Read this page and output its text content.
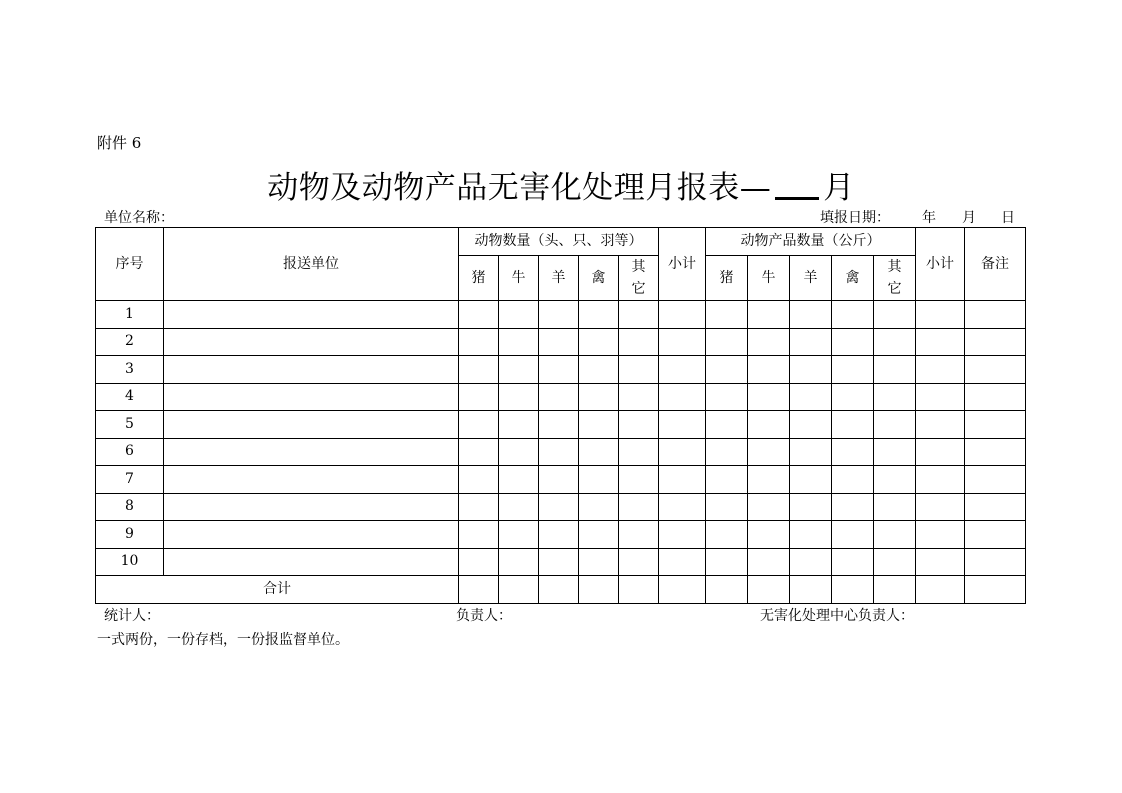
附件 6
动物及动物产品无害化处理月报表— 月
单位名称：	填报日期： 年 月 日
序号	报送单位	动物数量（头、只、羽等）					小计	动物产品数量（公斤）					小计	备注
		猪	牛	羊	禽	其它		猪	牛	羊	禽	其它		
1														
2														
3														
4														
5														
6														
7														
8														
9														
10														
合计														
统计人：	负责人：	无害化处理中心负责人：
一式两份，一份存档，一份报监督单位。
